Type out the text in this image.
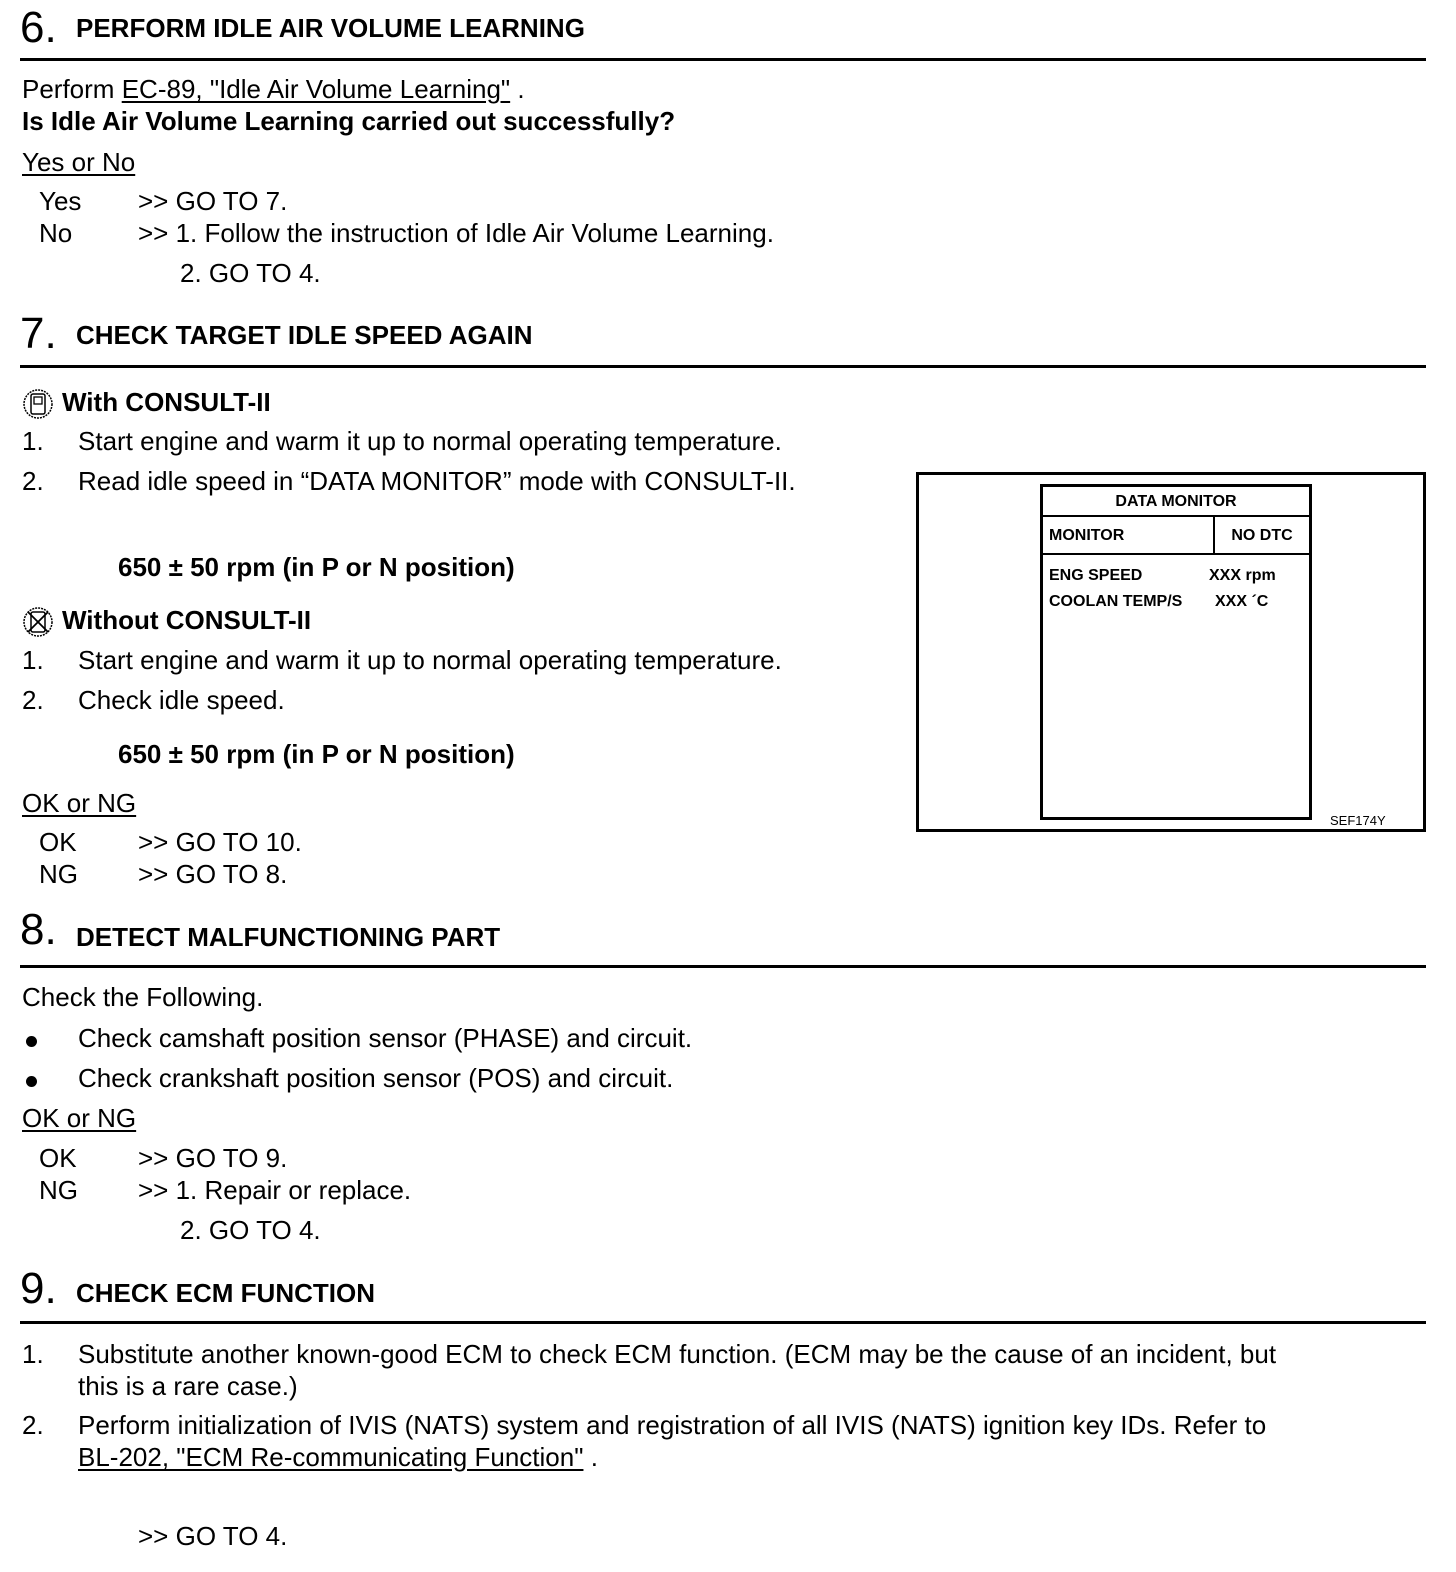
6. PERFORM IDLE AIR VOLUME LEARNING
Perform EC-89, "Idle Air Volume Learning" .
Is Idle Air Volume Learning carried out successfully?
Yes or No
Yes >> GO TO 7.
No	>> 1. Follow the instruction of Idle Air Volume Learning.
2. GO TO 4.
7. CHECK TARGET IDLE SPEED AGAIN
With CONSULT-II
1. Start engine and warm it up to normal operating temperature.
2. Read idle speed in “DATA MONITOR” mode with CONSULT-II.
650 ± 50 rpm (in P or N position)
Without CONSULT-II
1. Start engine and warm it up to normal operating temperature.
2. Check idle speed.
650 ± 50 rpm (in P or N position)
OK or NG
OK >> GO TO 10.
NG >> GO TO 8.
DATA MONITOR
MONITOR	NO DTC
ENG SPEED	XXX rpm
COOLAN TEMP/S XXX ´C
SEF174Y
8. DETECT MALFUNCTIONING PART
Check the Following.
Check camshaft position sensor (PHASE) and circuit.
Check crankshaft position sensor (POS) and circuit.
OK or NG
OK >> GO TO 9.
NG >> 1. Repair or replace.
2. GO TO 4.
9. CHECK ECM FUNCTION
1. Substitute another known-good ECM to check ECM function. (ECM may be the cause of an incident, but
this is a rare case.)
2. Perform initialization of IVIS (NATS) system and registration of all IVIS (NATS) ignition key IDs. Refer to
BL-202, "ECM Re-communicating Function" .
>> GO TO 4.
